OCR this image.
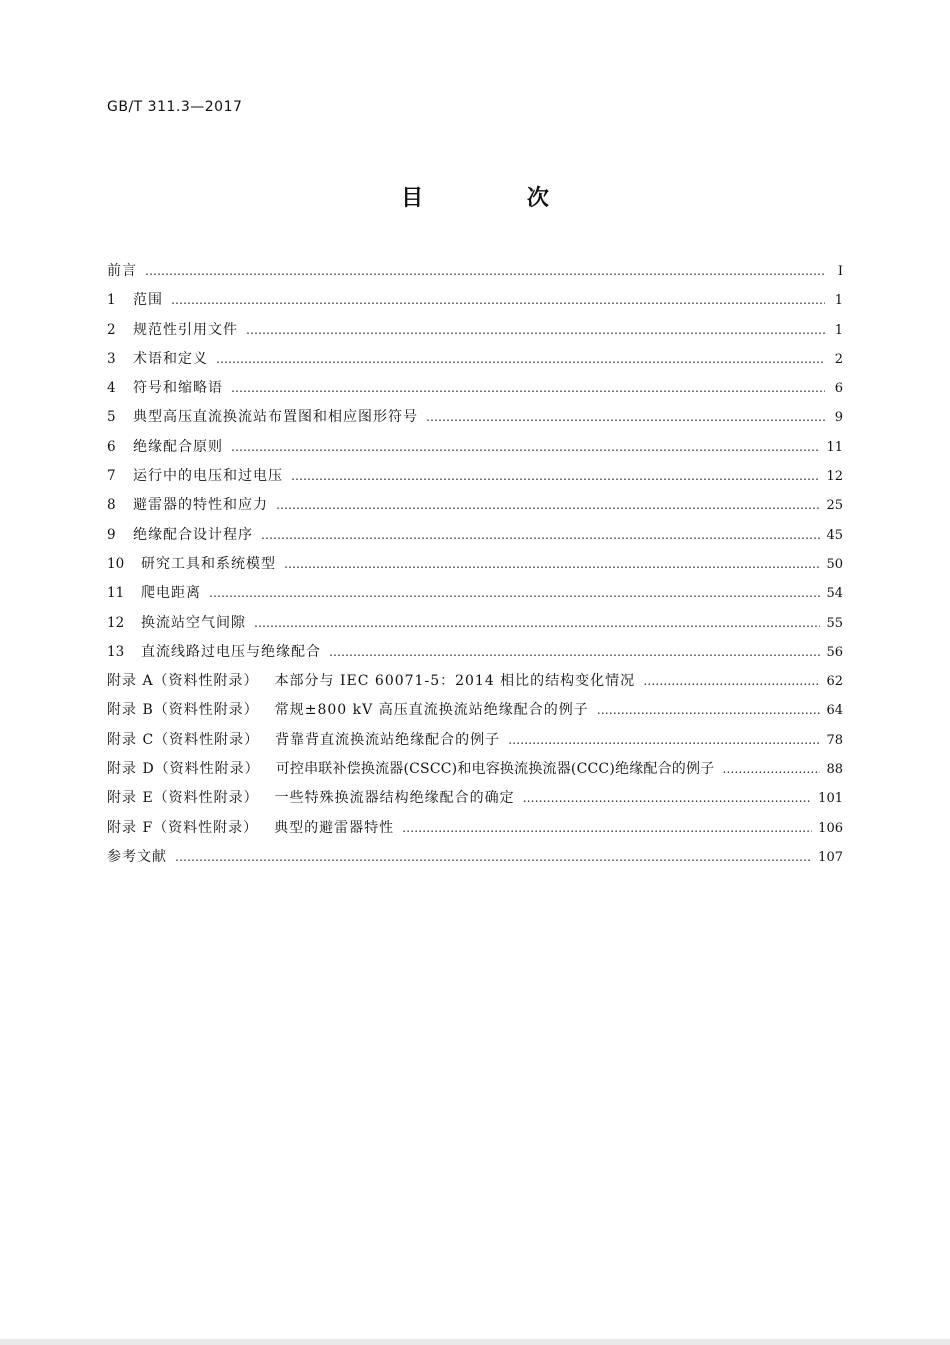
GB/T 311.3—2017
目 次
前言 ………………………………………………………………………………………………………………………………………………………………………………………………………………	Ⅰ
1	范围 ………………………………………………………………………………………………………………………………………………………………………………………………………………	1
2	规范性引用文件 ………………………………………………………………………………………………………………………………………………………………………………………………………………	1
3	术语和定义 ………………………………………………………………………………………………………………………………………………………………………………………………………………	2
4	符号和缩略语 ………………………………………………………………………………………………………………………………………………………………………………………………………………	6
5	典型高压直流换流站布置图和相应图形符号 ………………………………………………………………………………………………………………………………………………………………………………………………………………	9
6	绝缘配合原则 ………………………………………………………………………………………………………………………………………………………………………………………………………………	11
7	运行中的电压和过电压 ………………………………………………………………………………………………………………………………………………………………………………………………………………	12
8	避雷器的特性和应力 ………………………………………………………………………………………………………………………………………………………………………………………………………………	25
9	绝缘配合设计程序 ………………………………………………………………………………………………………………………………………………………………………………………………………………	45
10	研究工具和系统模型 ………………………………………………………………………………………………………………………………………………………………………………………………………………	50
11	爬电距离 ………………………………………………………………………………………………………………………………………………………………………………………………………………	54
12	换流站空气间隙 ………………………………………………………………………………………………………………………………………………………………………………………………………………	55
13	直流线路过电压与绝缘配合 ………………………………………………………………………………………………………………………………………………………………………………………………………………	56
附录 A（资料性附录）	本部分与 IEC 60071-5：2014 相比的结构变化情况 ………………………………………………………………………………………………………………………………………………………………………………………………………………	62
附录 B（资料性附录）	常规±800 kV 高压直流换流站绝缘配合的例子 ………………………………………………………………………………………………………………………………………………………………………………………………………………	64
附录 C（资料性附录）	背靠背直流换流站绝缘配合的例子 ………………………………………………………………………………………………………………………………………………………………………………………………………………	78
附录 D（资料性附录）	可控串联补偿换流器(CSCC)和电容换流换流器(CCC)绝缘配合的例子 ………………………………………………………………………………………………………………………………………………………………………………………………………………	88
附录 E（资料性附录）	一些特殊换流器结构绝缘配合的确定 ………………………………………………………………………………………………………………………………………………………………………………………………………………	101
附录 F（资料性附录）	典型的避雷器特性 ………………………………………………………………………………………………………………………………………………………………………………………………………………	106
参考文献 ………………………………………………………………………………………………………………………………………………………………………………………………………………	107
